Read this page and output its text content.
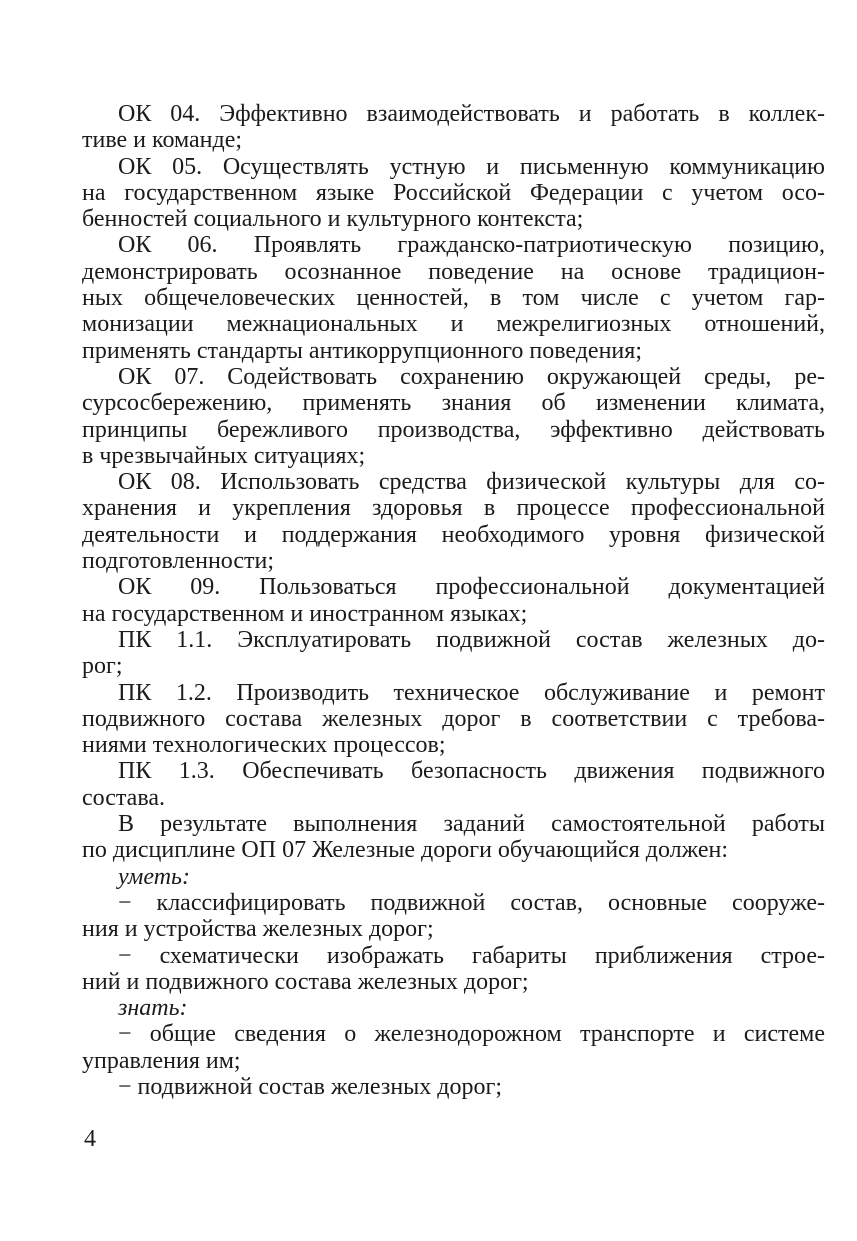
ОК 04. Эффективно взаимодействовать и работать в коллек-
тиве и команде;
ОК 05. Осуществлять устную и письменную коммуникацию
на государственном языке Российской Федерации с учетом осо-
бенностей социального и культурного контекста;
ОК 06. Проявлять гражданско-патриотическую позицию,
демонстрировать осознанное поведение на основе традицион-
ных общечеловеческих ценностей, в том числе с учетом гар-
монизации межнациональных и межрелигиозных отношений,
применять стандарты антикоррупционного поведения;
ОК 07. Содействовать сохранению окружающей среды, ре-
сурсосбережению, применять знания об изменении климата,
принципы бережливого производства, эффективно действовать
в чрезвычайных ситуациях;
ОК 08. Использовать средства физической культуры для со-
хранения и укрепления здоровья в процессе профессиональной
деятельности и поддержания необходимого уровня физической
подготовленности;
ОК 09. Пользоваться профессиональной документацией
на государственном и иностранном языках;
ПК 1.1. Эксплуатировать подвижной состав железных до-
рог;
ПК 1.2. Производить техническое обслуживание и ремонт
подвижного состава железных дорог в соответствии с требова-
ниями технологических процессов;
ПК 1.3. Обеспечивать безопасность движения подвижного
состава.
В результате выполнения заданий самостоятельной работы
по дисциплине ОП 07 Железные дороги обучающийся должен:
уметь:
− классифицировать подвижной состав, основные сооруже-
ния и устройства железных дорог;
− схематически изображать габариты приближения строе-
ний и подвижного состава железных дорог;
знать:
− общие сведения о железнодорожном транспорте и системе
управления им;
− подвижной состав железных дорог;
4
